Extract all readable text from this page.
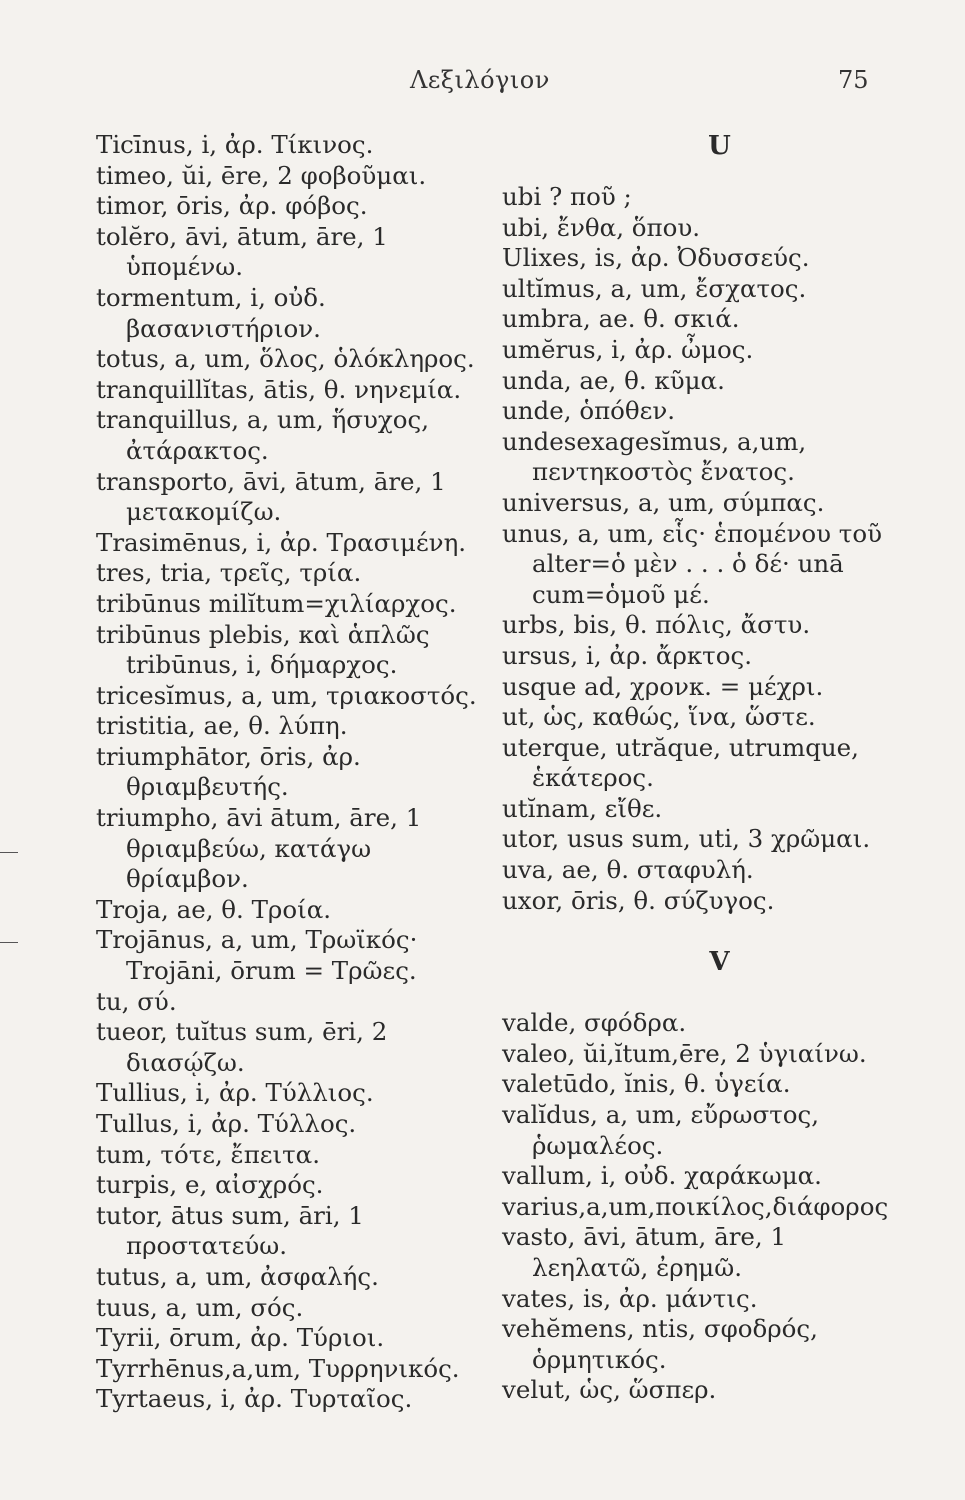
Λεξιλόγιον	75

Ticīnus, i, ἀρ. Τίκινος.

timeo, ŭi, ēre, 2 φοβοῦμαι.

timor, ōris, ἀρ. φόβος.

tolĕro, āvi, ātum, āre, 1 ὑπομένω.

tormentum, i, οὐδ. βασανιστήριον.

totus, a, um, ὅλος, ὁλόκληρος.

tranquillĭtas, ātis, θ. νηνεμία.

tranquillus, a, um, ἥσυχος, ἀτάρακτος.

transporto, āvi, ātum, āre, 1 μετακομίζω.

Trasimēnus, i, ἀρ. Τρασιμένη.

tres, tria, τρεῖς, τρία.

tribūnus milĭtum=χιλίαρχος.

tribūnus plebis, καὶ ἁπλῶς tribūnus, i, δήμαρχος.

tricesĭmus, a, um, τριακοστός.

tristitia, ae, θ. λύπη.

triumphātor, ōris, ἀρ. θριαμβευτής.

triumpho, āvi ātum, āre, 1 θριαμβεύω, κατάγω θρίαμβον.

Troja, ae, θ. Τροία.

Trojānus, a, um, Τρωϊκός· Trojāni, ōrum = Τρῶες.

tu, σύ.

tueor, tuĭtus sum, ēri, 2 διασῴζω.

Tullius, i, ἀρ. Τύλλιος.

Tullus, i, ἀρ. Τύλλος.

tum, τότε, ἔπειτα.

turpis, e, αἰσχρός.

tutor, ātus sum, āri, 1 προστατεύω.

tutus, a, um, ἀσφαλής.

tuus, a, um, σός.

Tyrii, ōrum, ἀρ. Τύριοι.

Tyrrhēnus,a,um, Τυρρηνικός.

Tyrtaeus, i, ἀρ. Τυρταῖος.

U

ubi ? ποῦ ;

ubi, ἔνθα, ὅπου.

Ulixes, is, ἀρ. Ὀδυσσεύς.

ultĭmus, a, um, ἔσχατος.

umbra, ae. θ. σκιά.

umĕrus, i, ἀρ. ὦμος.

unda, ae, θ. κῦμα.

unde, ὁπόθεν.

undesexagesĭmus, a,um, πεντηκοστὸς ἔνατος.

universus, a, um, σύμπας.

unus, a, um, εἷς· ἑπομένου τοῦ alter=ὁ μὲν . . . ὁ δέ· unā cum=ὁμοῦ μέ.

urbs, bis, θ. πόλις, ἄστυ.

ursus, i, ἀρ. ἄρκτος.

usque ad, χρονκ. = μέχρι.

ut, ὡς, καθώς, ἵνα, ὥστε.

uterque, utrăque, utrumque, ἑκάτερος.

utĭnam, εἴθε.

utor, usus sum, uti, 3 χρῶμαι.

uva, ae, θ. σταφυλή.

uxor, ōris, θ. σύζυγος.

V

valde, σφόδρα.

valeo, ŭi,ĭtum,ēre, 2 ὑγιαίνω.

valetūdo, ĭnis, θ. ὑγεία.

valĭdus, a, um, εὔρωστος, ῥωμαλέος.

vallum, i, οὐδ. χαράκωμα.

varius,a,um,ποικίλος,διάφορος

vasto, āvi, ātum, āre, 1 λεηλατῶ, ἐρημῶ.

vates, is, ἀρ. μάντις.

vehĕmens, ntis, σφοδρός, ὁρμητικός.

velut, ὡς, ὥσπερ.
